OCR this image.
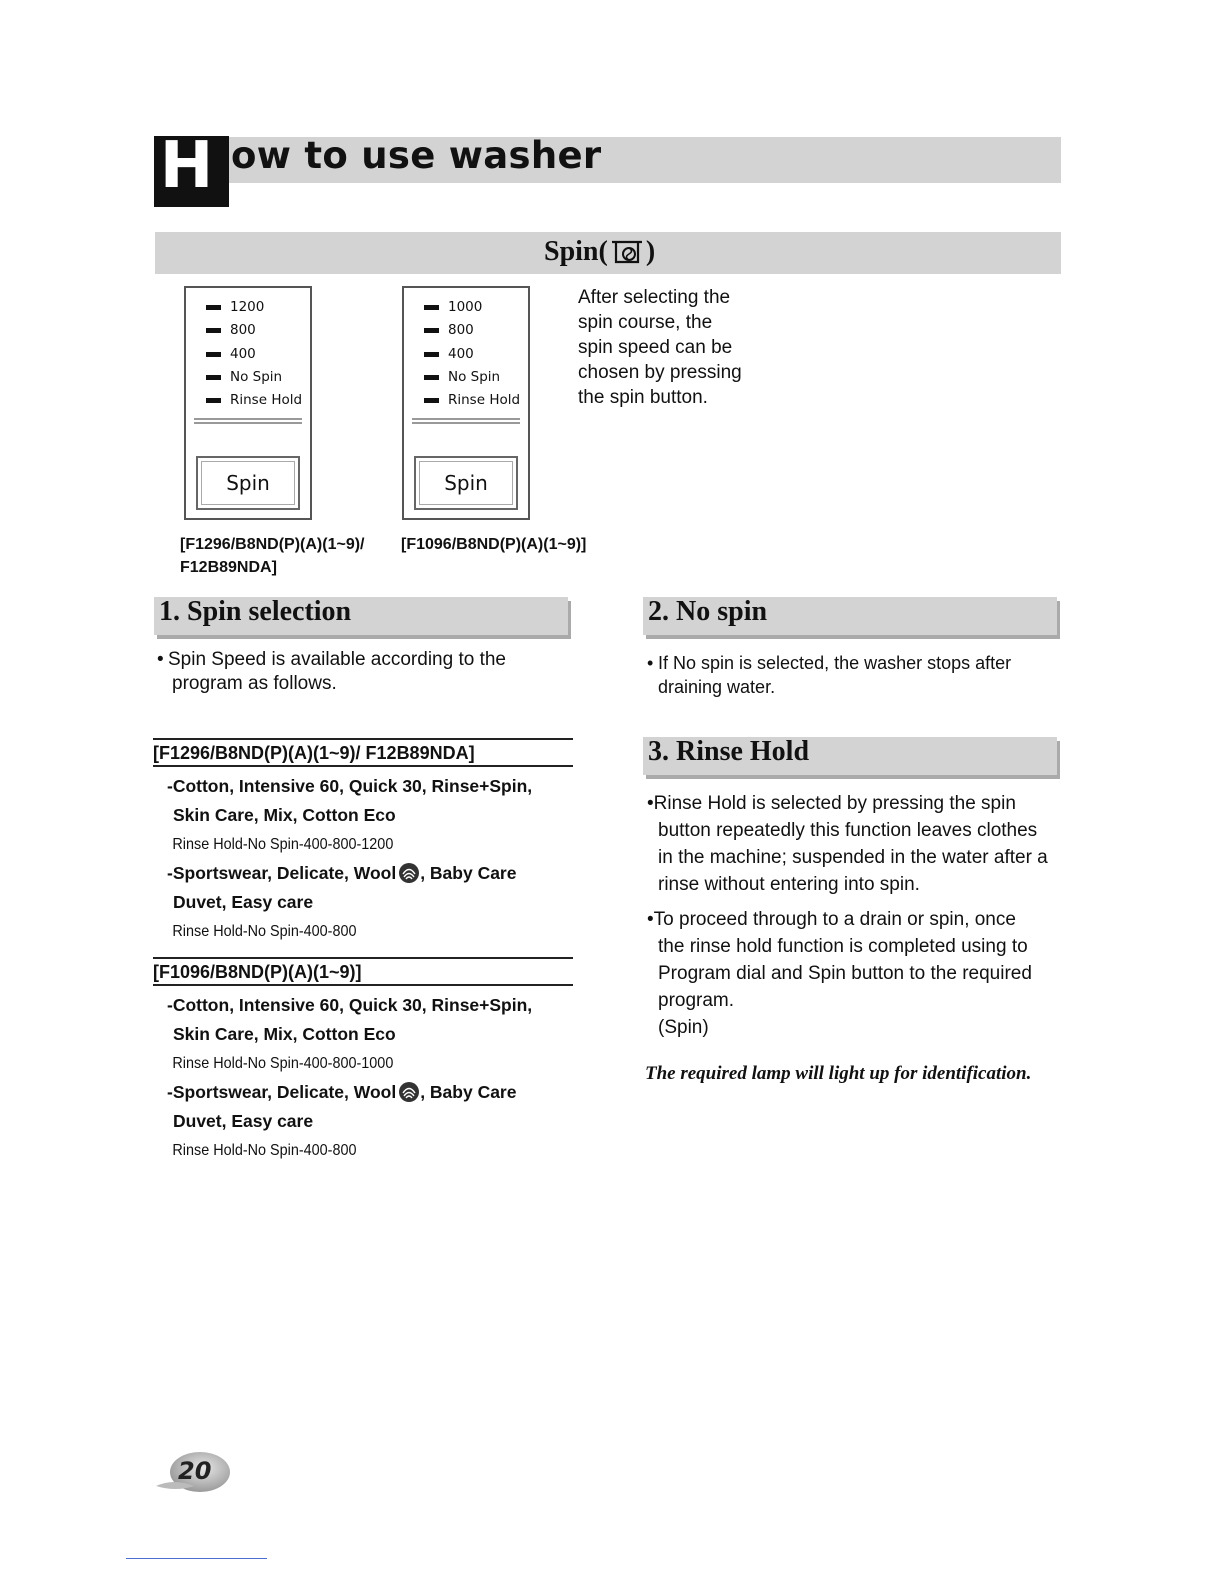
H ow to use washer
Spin( )
1200
800
400
No Spin
Rinse Hold
Spin
[F1296/B8ND(P)(A)(1~9)/
F12B89NDA]
1000
800
400
No Spin
Rinse Hold
Spin
[F1096/B8ND(P)(A)(1~9)]
After selecting the
spin course, the
spin speed can be
chosen by pressing
the spin button.
1. Spin selection
• Spin Speed is available according to the
program as follows.
[F1296/B8ND(P)(A)(1~9)/ F12B89NDA]
-Cotton, Intensive 60, Quick 30, Rinse+Spin,
Skin Care, Mix, Cotton Eco
Rinse Hold-No Spin-400-800-1200
-Sportswear, Delicate, Wool , Baby Care
Duvet, Easy care
Rinse Hold-No Spin-400-800
[F1096/B8ND(P)(A)(1~9)]
-Cotton, Intensive 60, Quick 30, Rinse+Spin,
Skin Care, Mix, Cotton Eco
Rinse Hold-No Spin-400-800-1000
-Sportswear, Delicate, Wool , Baby Care
Duvet, Easy care
Rinse Hold-No Spin-400-800
2. No spin
• If No spin is selected, the washer stops after
draining water.
3. Rinse Hold
•Rinse Hold is selected by pressing the spin
button repeatedly this function leaves clothes
in the machine; suspended in the water after a
rinse without entering into spin.
•To proceed through to a drain or spin, once
the rinse hold function is completed using to
Program dial and Spin button to the required
program.
(Spin)
The required lamp will light up for identification.
20
